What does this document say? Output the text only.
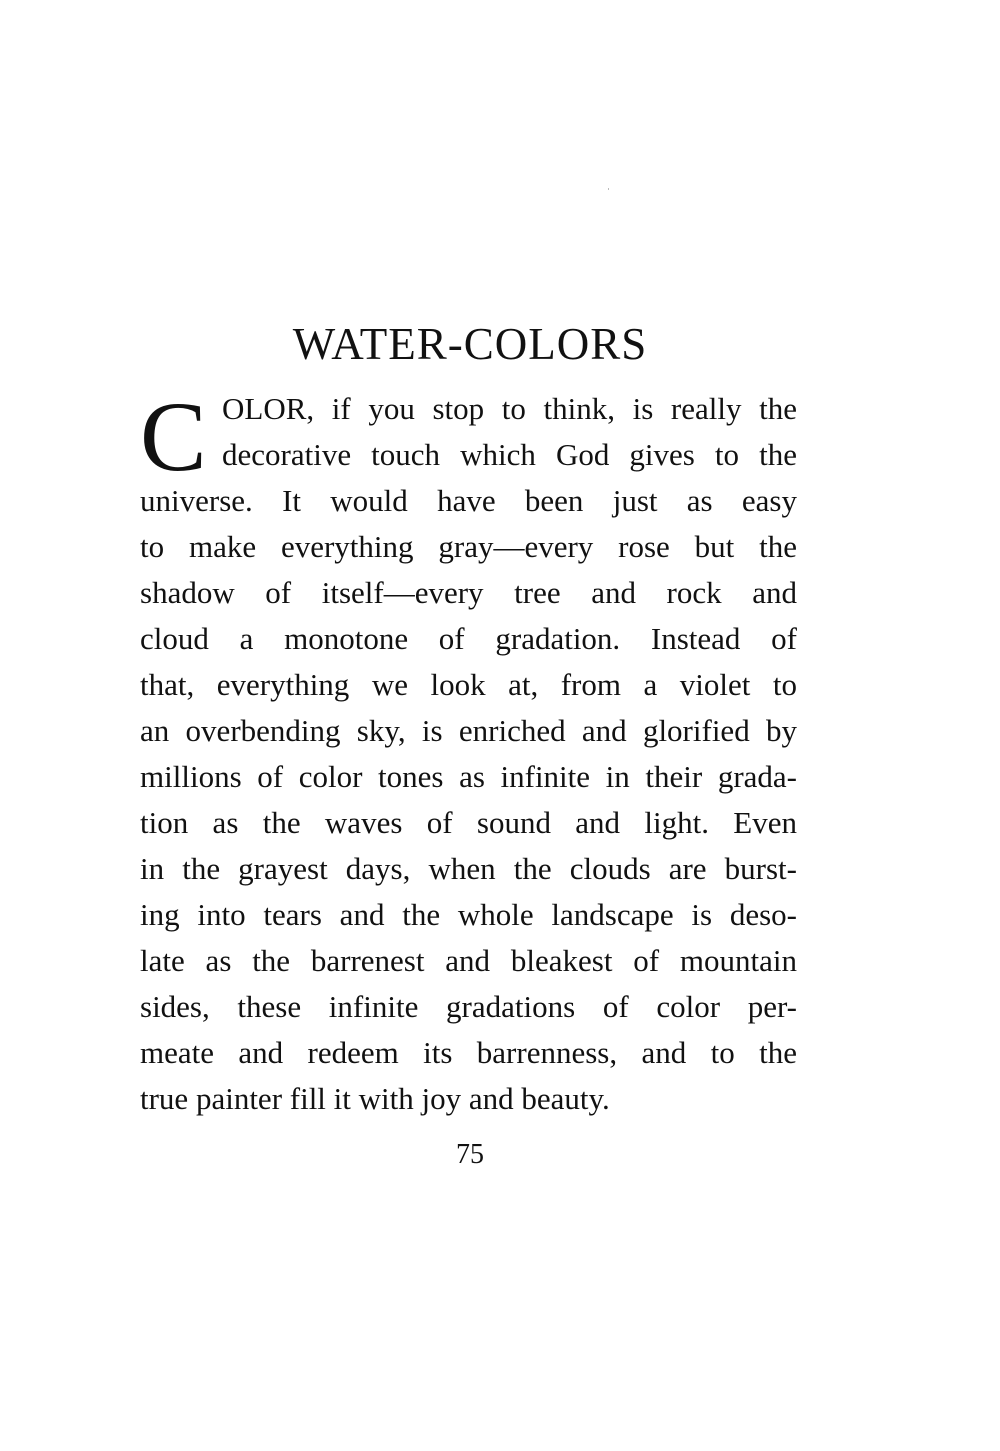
WATER-COLORS
C OLOR, if you stop to think, is really the
decorative touch which God gives to the
universe. It would have been just as easy
to make everything gray—every rose but the
shadow of itself—every tree and rock and
cloud a monotone of gradation. Instead of
that, everything we look at, from a violet to
an overbending sky, is enriched and glorified by
millions of color tones as infinite in their grada-
tion as the waves of sound and light. Even
in the grayest days, when the clouds are burst-
ing into tears and the whole landscape is deso-
late as the barrenest and bleakest of mountain
sides, these infinite gradations of color per-
meate and redeem its barrenness, and to the
true painter fill it with joy and beauty.
75
